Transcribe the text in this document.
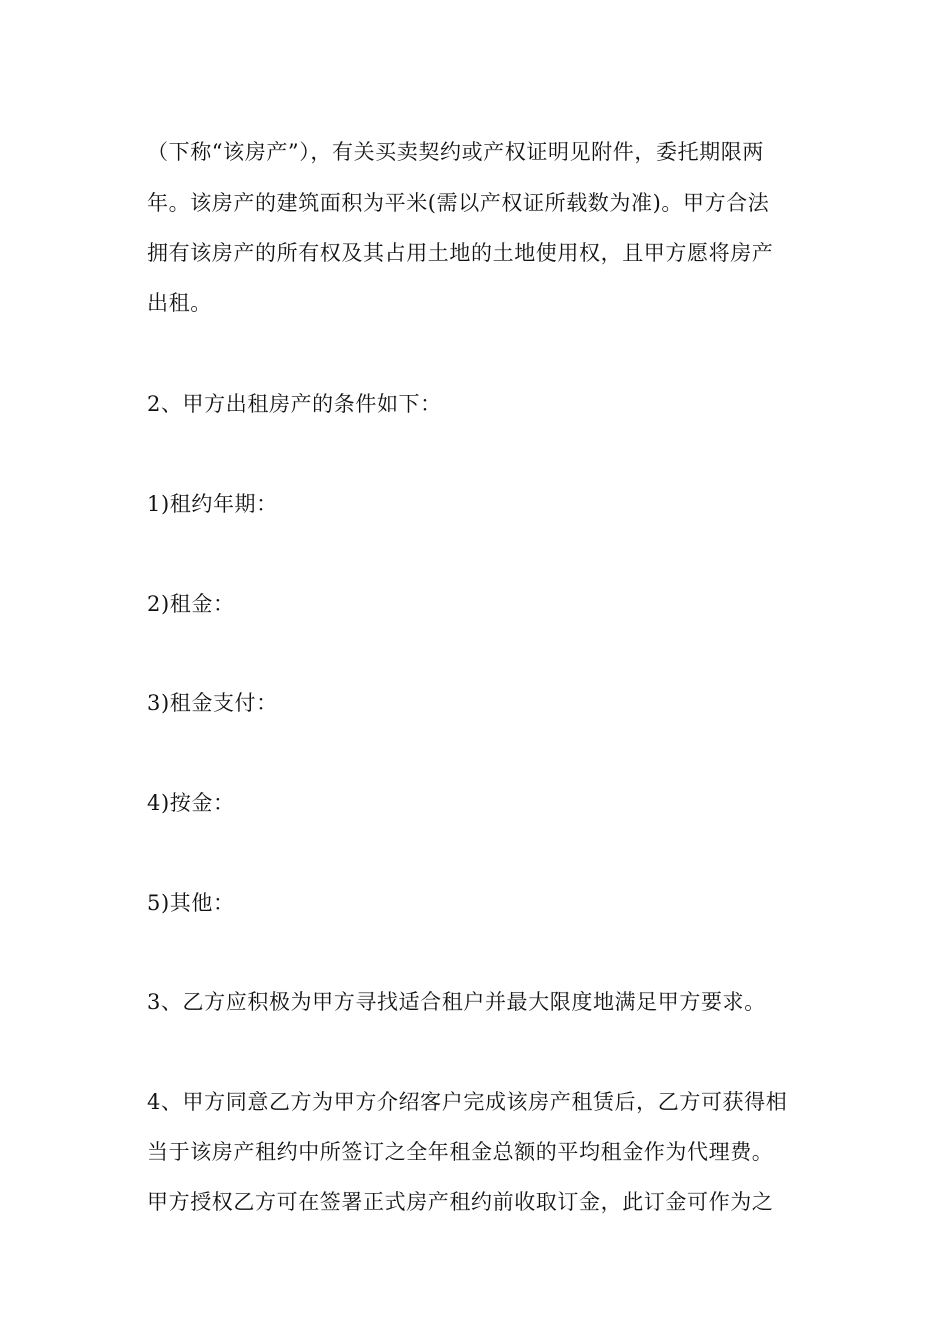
（下称“该房产”），有关买卖契约或产权证明见附件，委托期限两
年。该房产的建筑面积为平米(需以产权证所载数为准)。甲方合法
拥有该房产的所有权及其占用土地的土地使用权，且甲方愿将房产
出租。
2、甲方出租房产的条件如下：
1)租约年期：
2)租金：
3)租金支付：
4)按金：
5)其他：
3、乙方应积极为甲方寻找适合租户并最大限度地满足甲方要求。
4、甲方同意乙方为甲方介绍客户完成该房产租赁后，乙方可获得相
当于该房产租约中所签订之全年租金总额的平均租金作为代理费。
甲方授权乙方可在签署正式房产租约前收取订金，此订金可作为之
